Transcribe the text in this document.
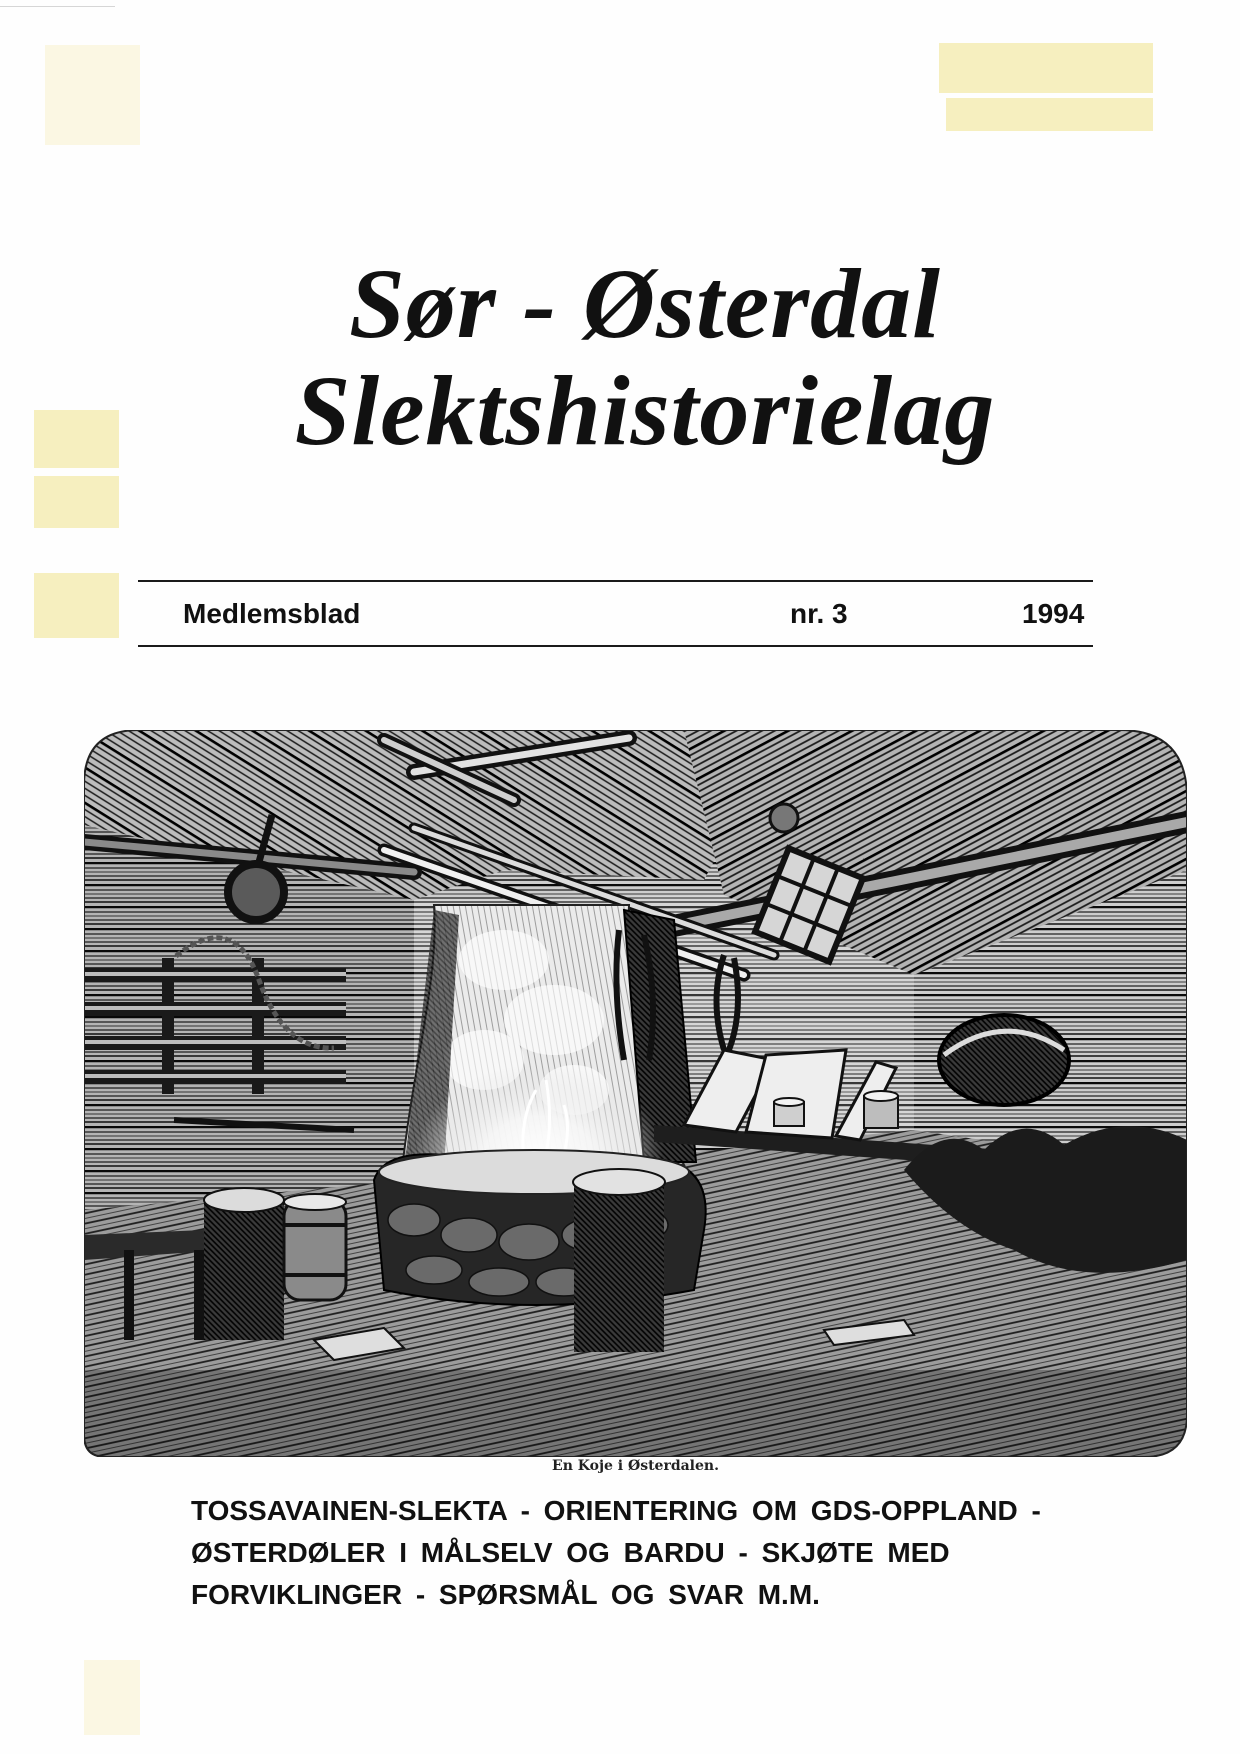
Sør - Østerdal
Slektshistorielag
Medlemsblad	nr. 3	1994
En Koje i Østerdalen.
TOSSAVAINEN-SLEKTA - ORIENTERING OM GDS-OPPLAND -
ØSTERDØLER I MÅLSELV OG BARDU - SKJØTE MED
FORVIKLINGER - SPØRSMÅL OG SVAR M.M.
